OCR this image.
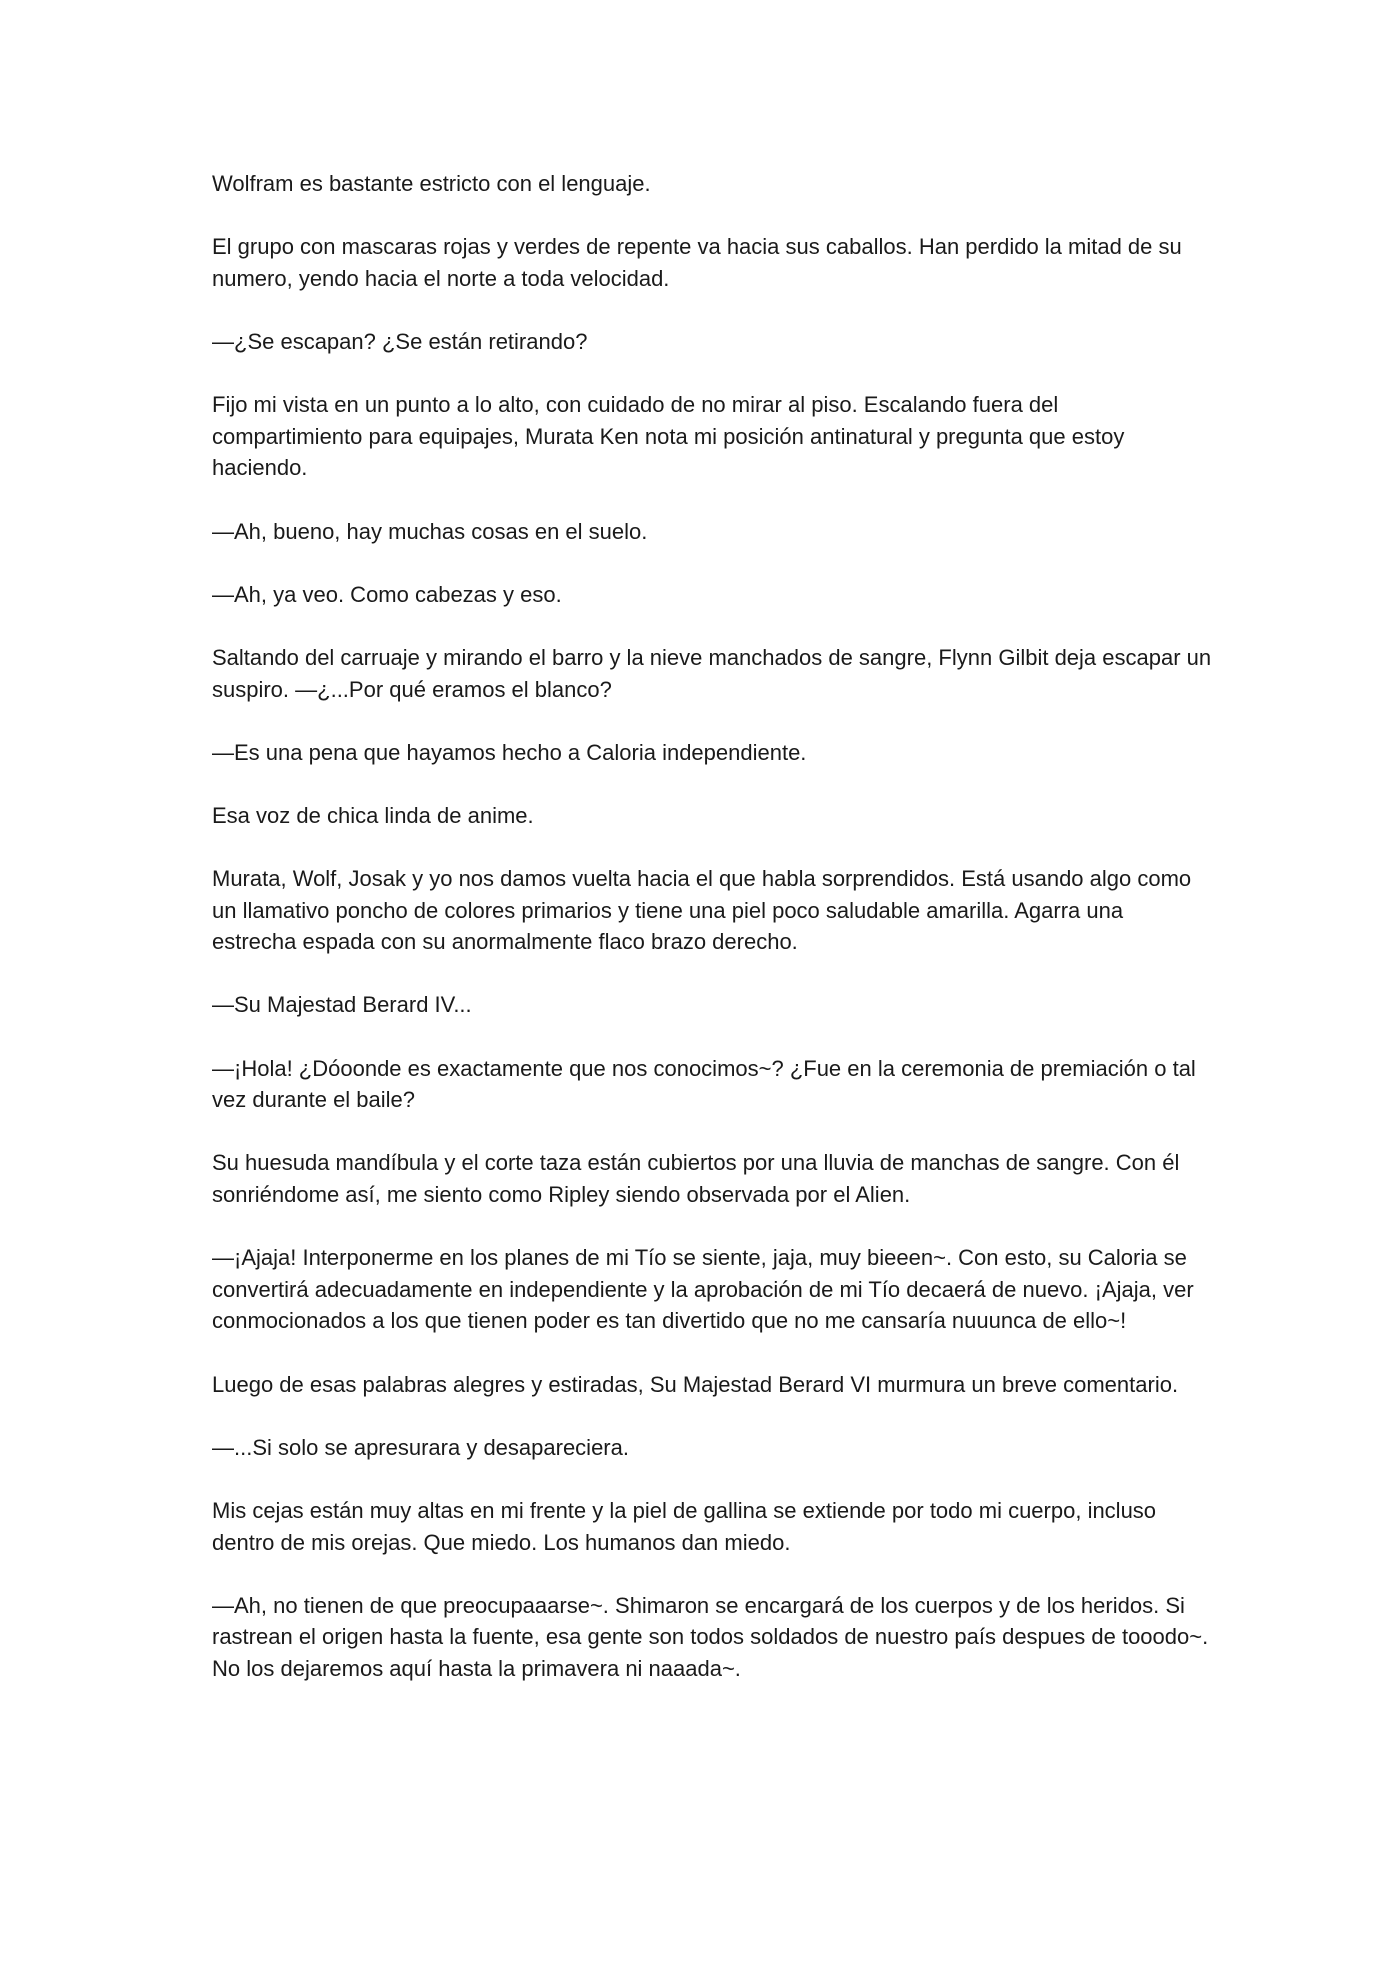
Wolfram es bastante estricto con el lenguaje.

El grupo con mascaras rojas y verdes de repente va hacia sus caballos. Han perdido la mitad de su numero, yendo hacia el norte a toda velocidad.

—¿Se escapan? ¿Se están retirando?

Fijo mi vista en un punto a lo alto, con cuidado de no mirar al piso. Escalando fuera del compartimiento para equipajes, Murata Ken nota mi posición antinatural y pregunta que estoy haciendo.

—Ah, bueno, hay muchas cosas en el suelo.

—Ah, ya veo. Como cabezas y eso.

Saltando del carruaje y mirando el barro y la nieve manchados de sangre, Flynn Gilbit deja escapar un suspiro. —¿...Por qué eramos el blanco?

—Es una pena que hayamos hecho a Caloria independiente.

Esa voz de chica linda de anime.

Murata, Wolf, Josak y yo nos damos vuelta hacia el que habla sorprendidos. Está usando algo como un llamativo poncho de colores primarios y tiene una piel poco saludable amarilla. Agarra una estrecha espada con su anormalmente flaco brazo derecho.

—Su Majestad Berard IV...

—¡Hola! ¿Dóoonde es exactamente que nos conocimos~? ¿Fue en la ceremonia de premiación o tal vez durante el baile?

Su huesuda mandíbula y el corte taza están cubiertos por una lluvia de manchas de sangre. Con él sonriéndome así, me siento como Ripley siendo observada por el Alien.

—¡Ajaja! Interponerme en los planes de mi Tío se siente, jaja, muy bieeen~. Con esto, su Caloria se convertirá adecuadamente en independiente y la aprobación de mi Tío decaerá de nuevo. ¡Ajaja, ver conmocionados a los que tienen poder es tan divertido que no me cansaría nuuunca de ello~!

Luego de esas palabras alegres y estiradas, Su Majestad Berard VI murmura un breve comentario.

—...Si solo se apresurara y desapareciera.

Mis cejas están muy altas en mi frente y la piel de gallina se extiende por todo mi cuerpo, incluso dentro de mis orejas. Que miedo. Los humanos dan miedo.

—Ah, no tienen de que preocupaaarse~. Shimaron se encargará de los cuerpos y de los heridos. Si rastrean el origen hasta la fuente, esa gente son todos soldados de nuestro país despues de tooodo~. No los dejaremos aquí hasta la primavera ni naaada~.
